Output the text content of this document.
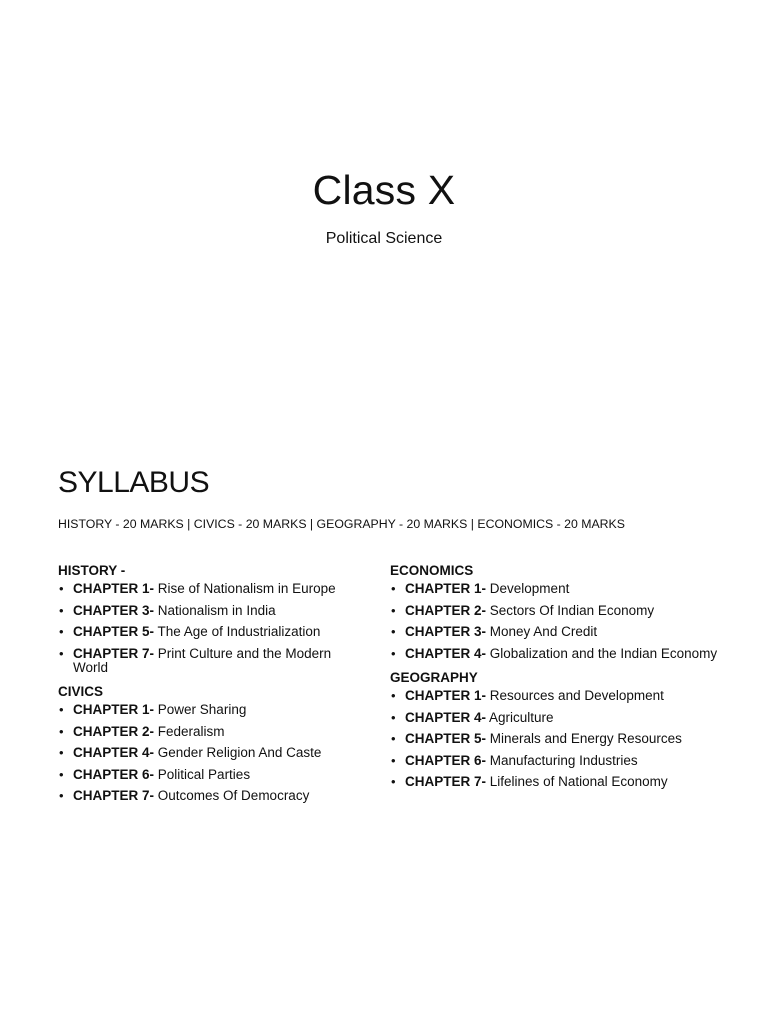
Class X
Political Science
SYLLABUS
HISTORY - 20 MARKS | CIVICS - 20 MARKS | GEOGRAPHY - 20 MARKS | ECONOMICS - 20 MARKS
HISTORY -
• CHAPTER 1- Rise of Nationalism in Europe
• CHAPTER 3- Nationalism in India
• CHAPTER 5- The Age of Industrialization
• CHAPTER 7- Print Culture and the Modern World
CIVICS
• CHAPTER 1- Power Sharing
• CHAPTER 2- Federalism
• CHAPTER 4- Gender Religion And Caste
• CHAPTER 6- Political Parties
• CHAPTER 7- Outcomes Of Democracy
ECONOMICS
• CHAPTER 1- Development
• CHAPTER 2- Sectors Of Indian Economy
• CHAPTER 3- Money And Credit
• CHAPTER 4- Globalization and the Indian Economy
GEOGRAPHY
• CHAPTER 1- Resources and Development
• CHAPTER 4- Agriculture
• CHAPTER 5- Minerals and Energy Resources
• CHAPTER 6- Manufacturing Industries
• CHAPTER 7- Lifelines of National Economy
